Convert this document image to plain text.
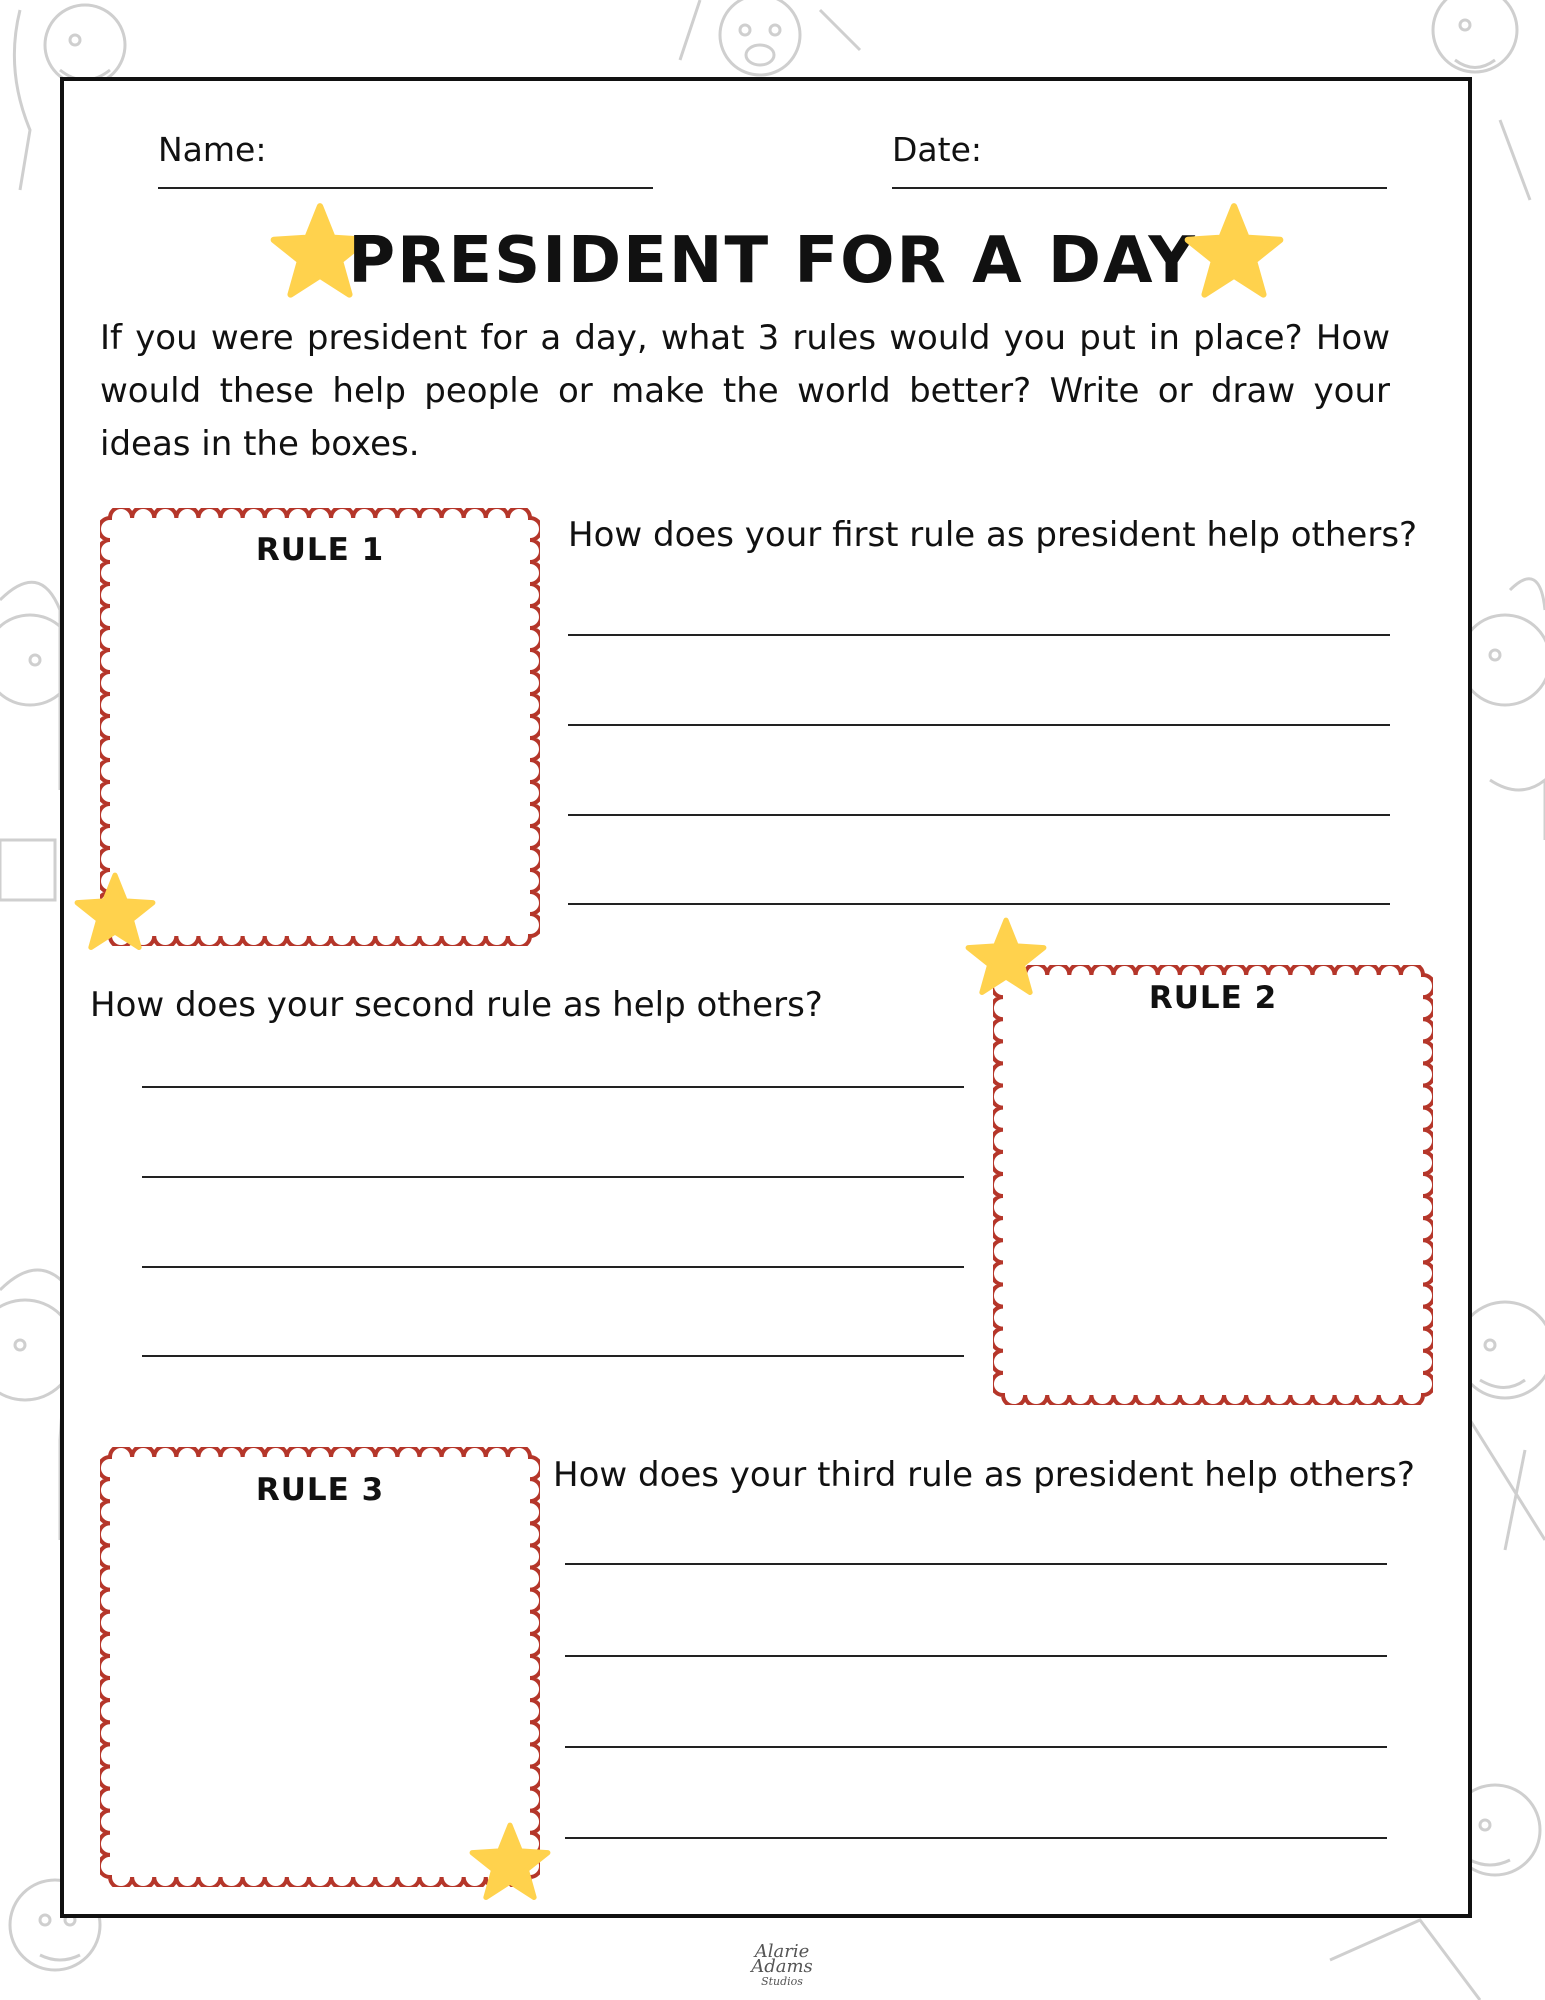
Name:	Date:
PRESIDENT FOR A DAY
If you were president for a day, what 3 rules would you put in place? How would these help people or make the world better? Write or draw your ideas in the boxes.
RULE 1	How does your first rule as president help others?
How does your second rule as help others?	RULE 2
RULE 3	How does your third rule as president help others?
Alarie
Adams
Studios
